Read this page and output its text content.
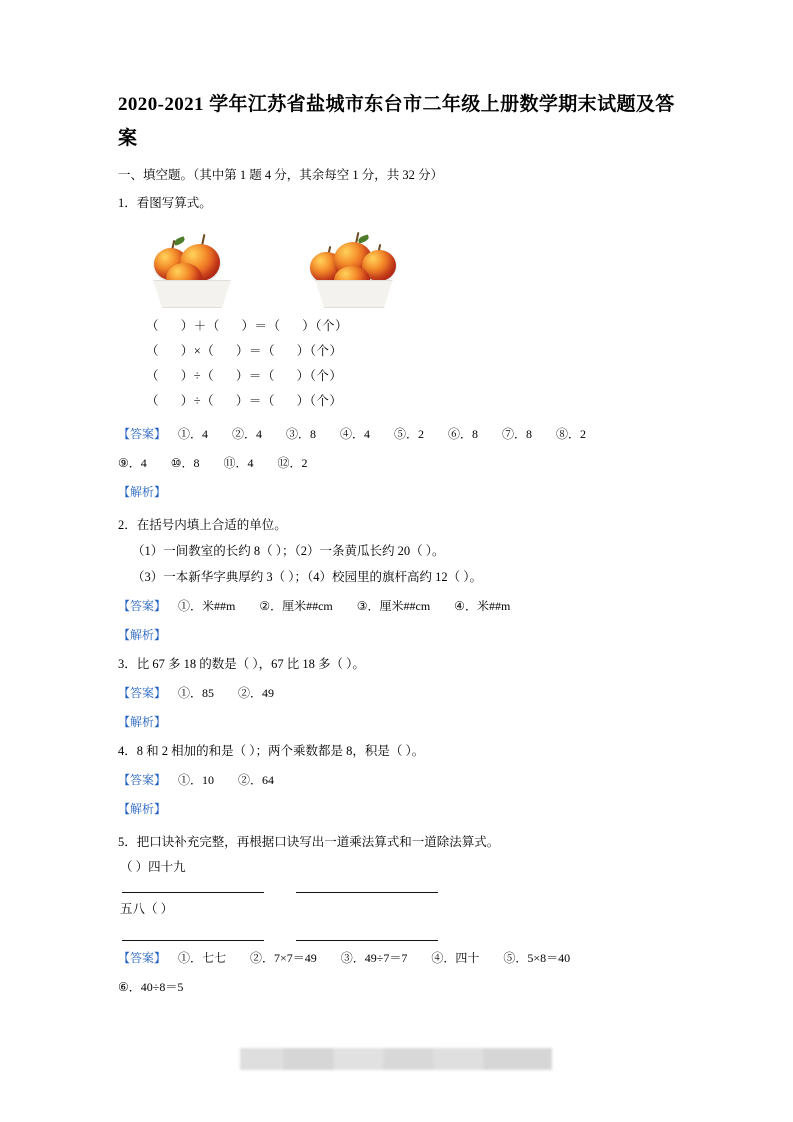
2020-2021 学年江苏省盐城市东台市二年级上册数学期末试题及答案
一、填空题。（其中第 1 题 4 分，其余每空 1 分，共 32 分）
1．看图写算式。
（      ）＋（      ）＝（      ）（个）
（      ）×（      ）＝（      ）（个）
（      ）÷（      ）＝（      ）（个）
（      ）÷（      ）＝（      ）（个）
【答案】 ①．4        ②．4        ③．8        ④．4        ⑤．2        ⑥．8        ⑦．8        ⑧．2
⑨．4        ⑩．8        ⑪．4        ⑫．2
【解析】
2．在括号内填上合适的单位。
（1）一间教室的长约 8（ ）；（2）一条黄瓜长约 20（ ）。
（3）一本新华字典厚约 3（ ）；（4）校园里的旗杆高约 12（ ）。
【答案】 ①．米##m        ②．厘米##cm        ③．厘米##cm        ④．米##m
【解析】
3．比 67 多 18 的数是（ ），67 比 18 多（ ）。
【答案】 ①．85        ②．49
【解析】
4．8 和 2 相加的和是（ ）；两个乘数都是 8，积是（ ）。
【答案】 ①．10        ②．64
【解析】
5．把口诀补充完整，再根据口诀写出一道乘法算式和一道除法算式。
（ ）四十九
五八（ ）
【答案】 ①．七七        ②．7×7＝49        ③．49÷7＝7        ④．四十        ⑤．5×8＝40
⑥．40÷8＝5
